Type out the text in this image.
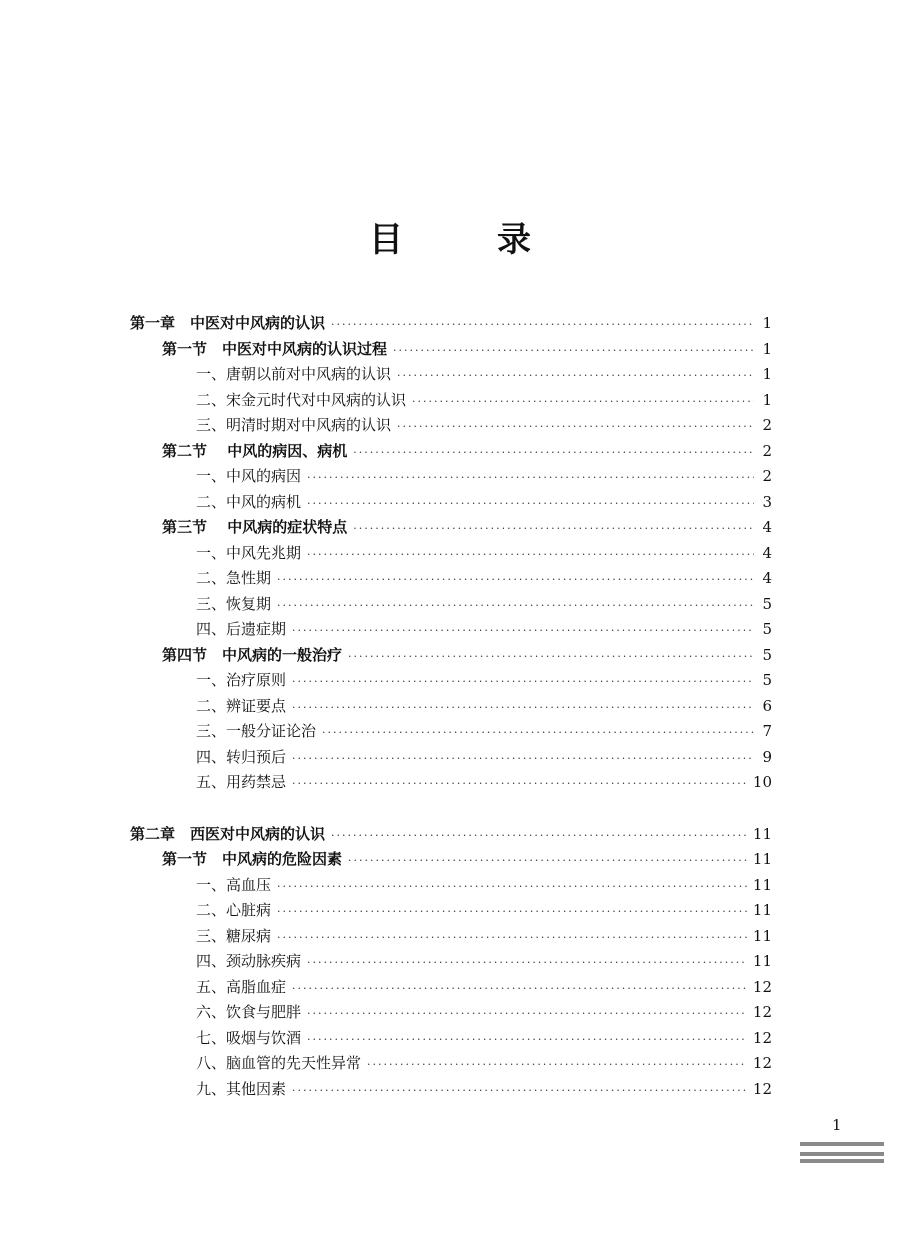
目　录
第一章　中医对中风病的认识 ·····	1
第一节　中医对中风病的认识过程 ·····	1
一、唐朝以前对中风病的认识 ·····	1
二、宋金元时代对中风病的认识 ·····	1
三、明清时期对中风病的认识 ·····	2
第二节　 中风的病因、病机 ·····	2
一、中风的病因 ·····	2
二、中风的病机 ·····	3
第三节　 中风病的症状特点 ·····	4
一、中风先兆期 ·····	4
二、急性期 ·····	4
三、恢复期 ·····	5
四、后遗症期 ·····	5
第四节　中风病的一般治疗 ·····	5
一、治疗原则 ·····	5
二、辨证要点 ·····	6
三、一般分证论治 ·····	7
四、转归预后 ·····	9
五、用药禁忌 ·····	10
第二章　西医对中风病的认识 ·····	11
第一节　中风病的危险因素 ·····	11
一、高血压 ·····	11
二、心脏病 ·····	11
三、糖尿病 ·····	11
四、颈动脉疾病 ·····	11
五、高脂血症 ·····	12
六、饮食与肥胖 ·····	12
七、吸烟与饮酒 ·····	12
八、脑血管的先天性异常 ·····	12
九、其他因素 ·····	12
1
